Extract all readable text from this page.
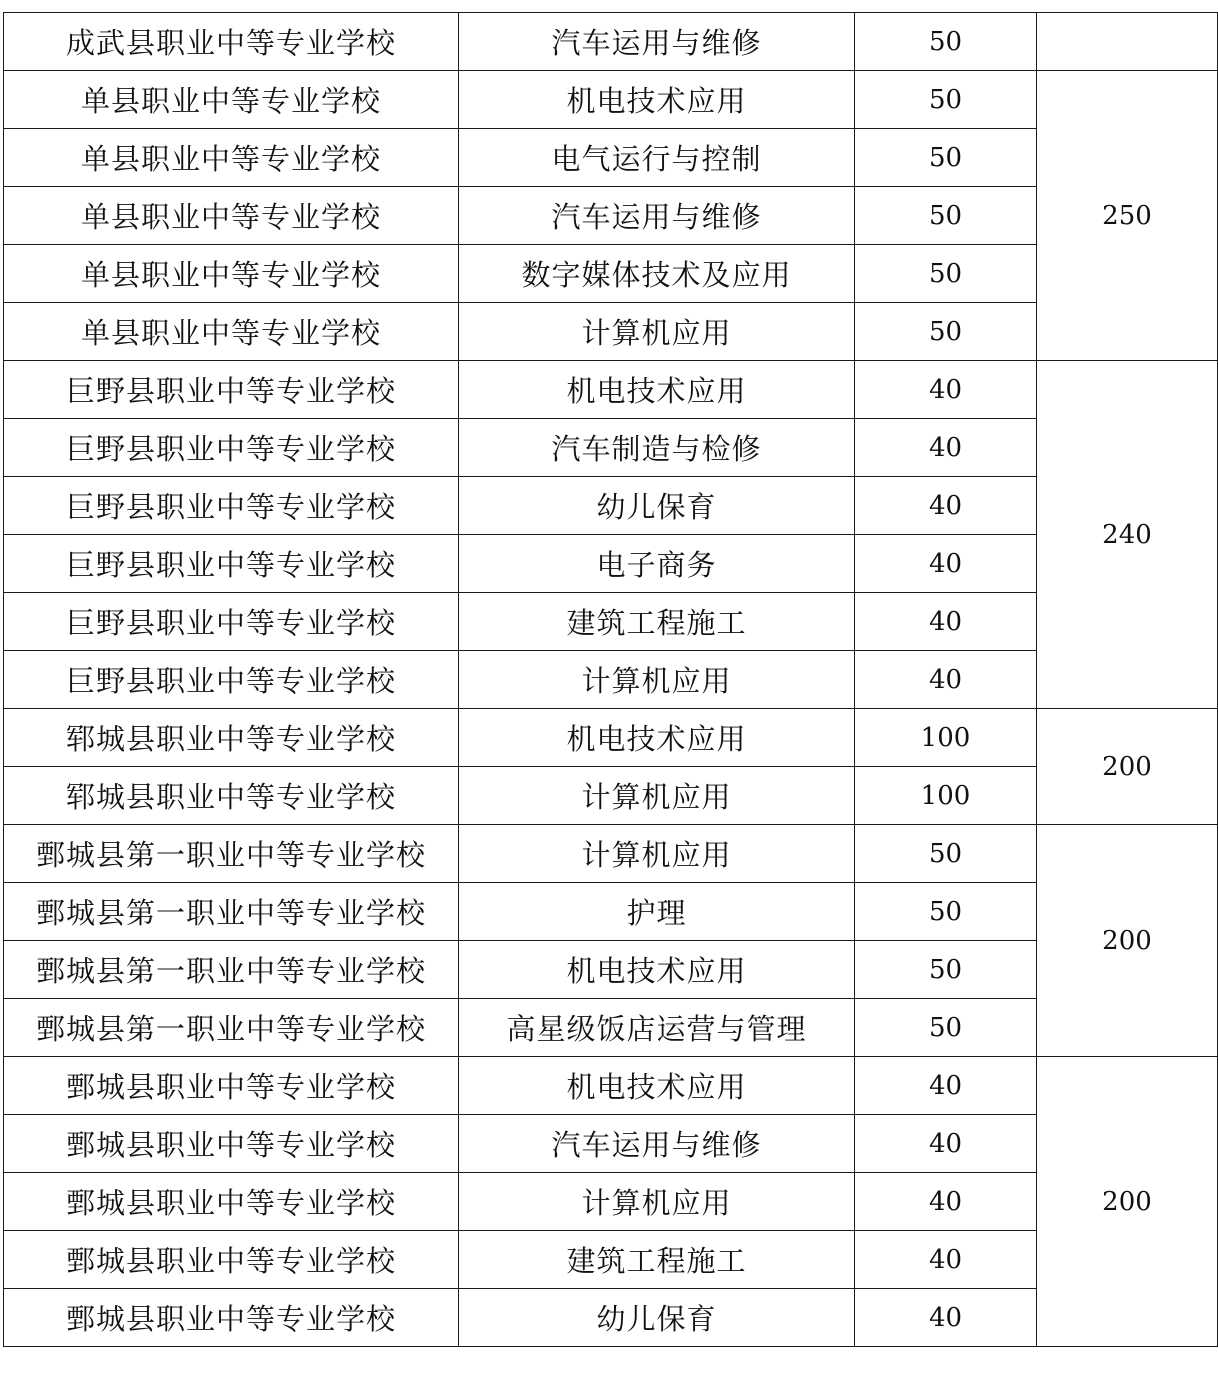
成武县职业中等专业学校	汽车运用与维修	50	
单县职业中等专业学校	机电技术应用	50	250
单县职业中等专业学校	电气运行与控制	50	
单县职业中等专业学校	汽车运用与维修	50	
单县职业中等专业学校	数字媒体技术及应用	50	
单县职业中等专业学校	计算机应用	50	
巨野县职业中等专业学校	机电技术应用	40	240
巨野县职业中等专业学校	汽车制造与检修	40	
巨野县职业中等专业学校	幼儿保育	40	
巨野县职业中等专业学校	电子商务	40	
巨野县职业中等专业学校	建筑工程施工	40	
巨野县职业中等专业学校	计算机应用	40	
郓城县职业中等专业学校	机电技术应用	100	200
郓城县职业中等专业学校	计算机应用	100	
鄄城县第一职业中等专业学校	计算机应用	50	200
鄄城县第一职业中等专业学校	护理	50	
鄄城县第一职业中等专业学校	机电技术应用	50	
鄄城县第一职业中等专业学校	高星级饭店运营与管理	50	
鄄城县职业中等专业学校	机电技术应用	40	200
鄄城县职业中等专业学校	汽车运用与维修	40	
鄄城县职业中等专业学校	计算机应用	40	
鄄城县职业中等专业学校	建筑工程施工	40	
鄄城县职业中等专业学校	幼儿保育	40	
